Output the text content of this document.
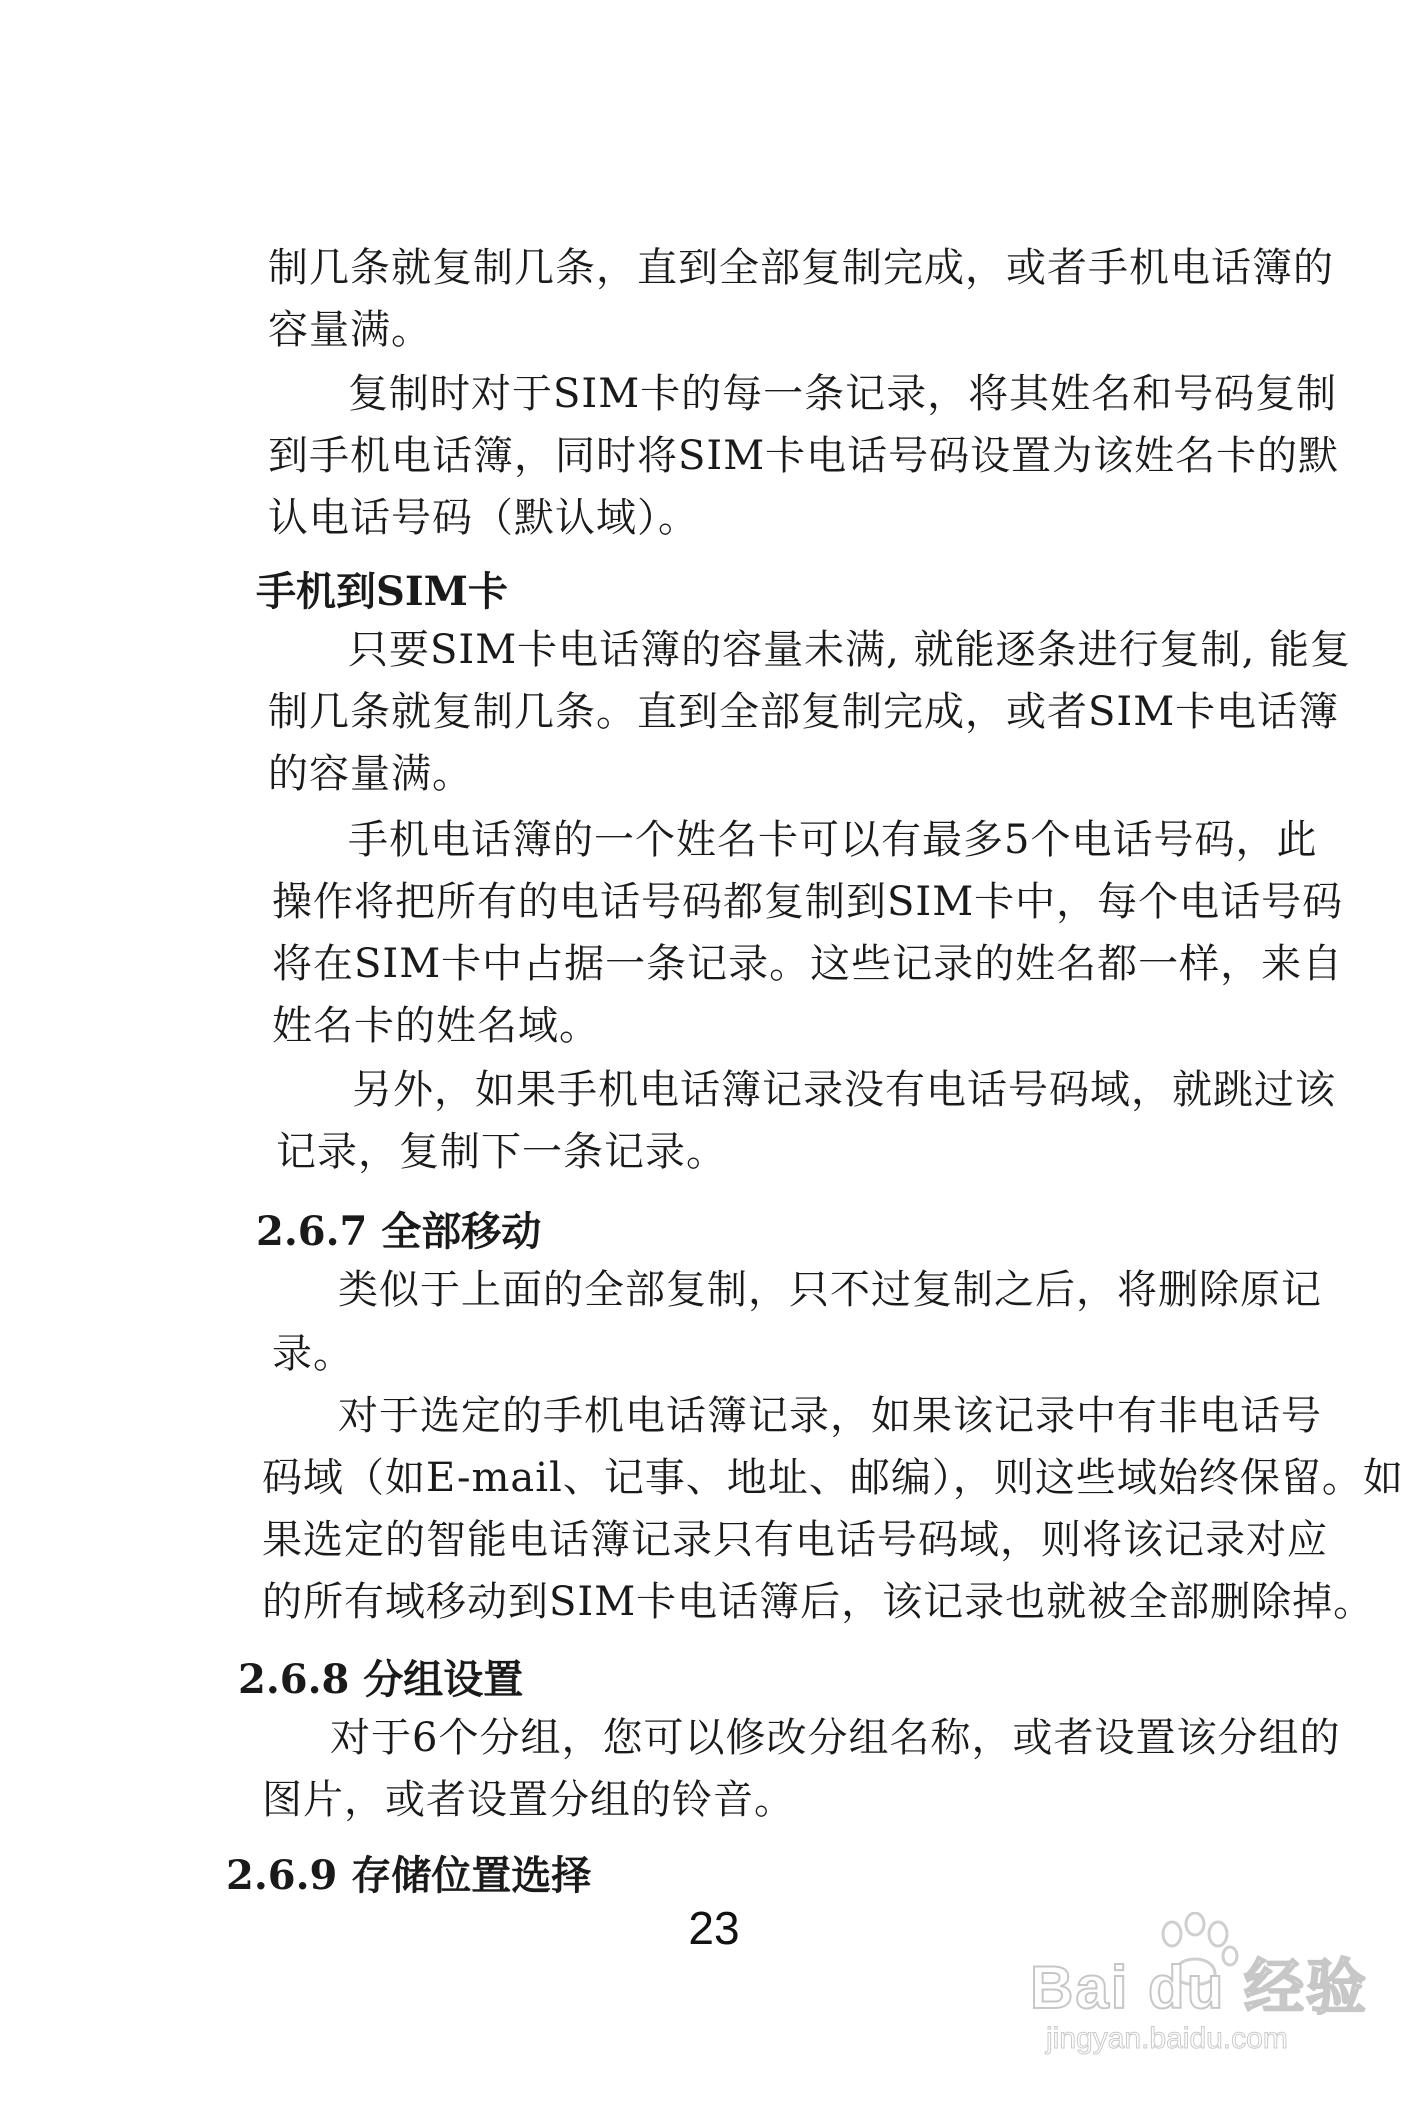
制几条就复制几条，直到全部复制完成，或者手机电话簿的
容量满。
复制时对于SIM卡的每一条记录，将其姓名和号码复制
到手机电话簿，同时将SIM卡电话号码设置为该姓名卡的默
认电话号码（默认域）。
手机到SIM卡
只要SIM卡电话簿的容量未满, 就能逐条进行复制, 能复
制几条就复制几条。直到全部复制完成，或者SIM卡电话簿
的容量满。
手机电话簿的一个姓名卡可以有最多5个电话号码，此
操作将把所有的电话号码都复制到SIM卡中，每个电话号码
将在SIM卡中占据一条记录。这些记录的姓名都一样，来自
姓名卡的姓名域。
另外，如果手机电话簿记录没有电话号码域，就跳过该
记录，复制下一条记录。
2.6.7 全部移动
类似于上面的全部复制，只不过复制之后，将删除原记
录。
对于选定的手机电话簿记录，如果该记录中有非电话号
码域（如E-mail、记事、地址、邮编），则这些域始终保留。如
果选定的智能电话簿记录只有电话号码域，则将该记录对应
的所有域移动到SIM卡电话簿后，该记录也就被全部删除掉。
2.6.8 分组设置
对于6个分组，您可以修改分组名称，或者设置该分组的
图片，或者设置分组的铃音。
2.6.9 存储位置选择
23
Bai du 经验
jingyan.baidu.com
